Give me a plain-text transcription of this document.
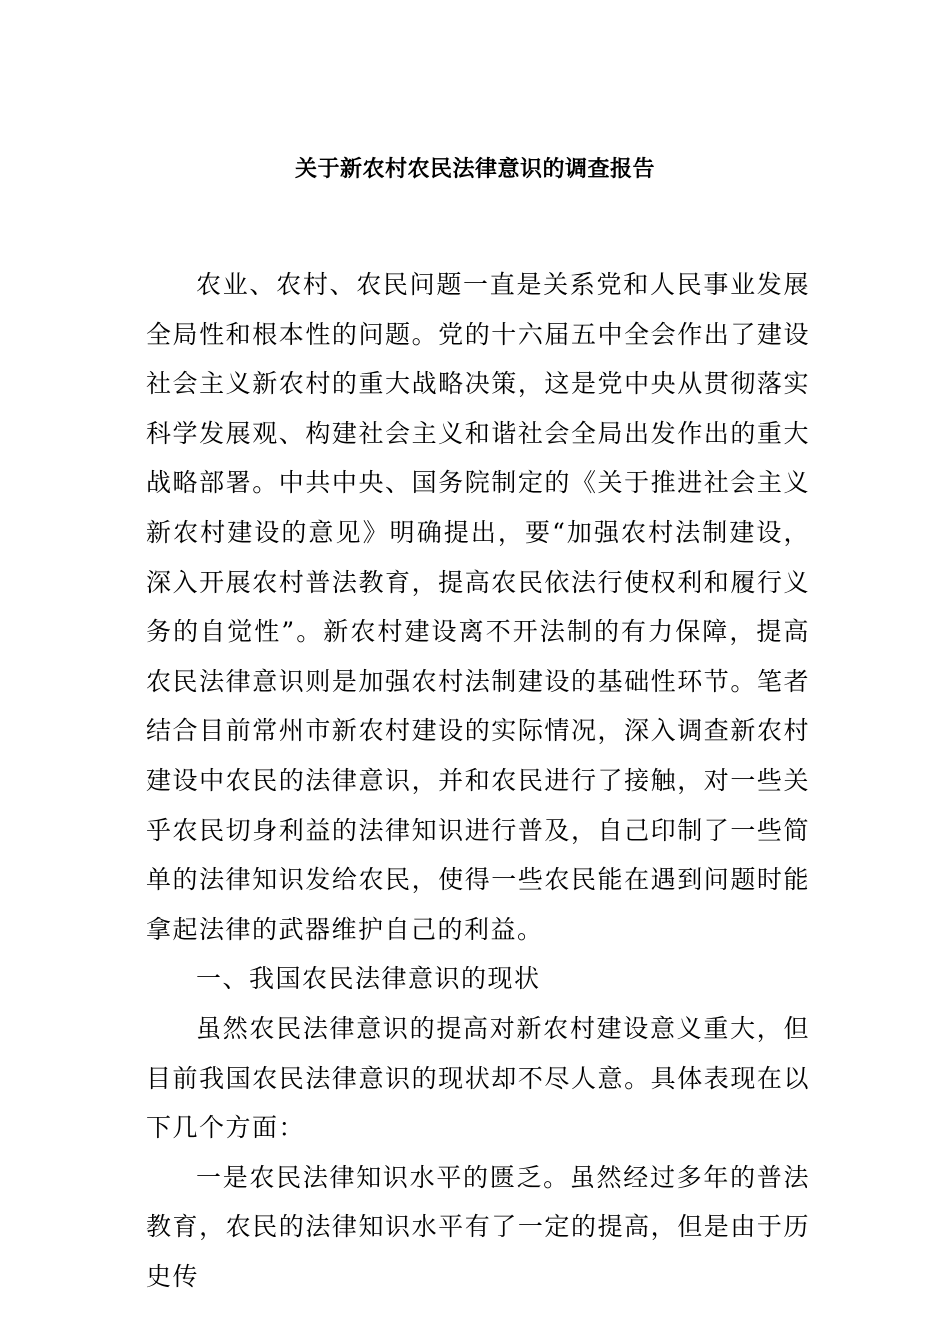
关于新农村农民法律意识的调查报告

农业、农村、农民问题一直是关系党和人民事业发展全局性和根本性的问题。党的十六届五中全会作出了建设社会主义新农村的重大战略决策，这是党中央从贯彻落实科学发展观、构建社会主义和谐社会全局出发作出的重大战略部署。中共中央、国务院制定的《关于推进社会主义新农村建设的意见》明确提出，要“加强农村法制建设，深入开展农村普法教育，提高农民依法行使权利和履行义务的自觉性”。新农村建设离不开法制的有力保障，提高农民法律意识则是加强农村法制建设的基础性环节。笔者结合目前常州市新农村建设的实际情况，深入调查新农村建设中农民的法律意识，并和农民进行了接触，对一些关乎农民切身利益的法律知识进行普及，自己印制了一些简单的法律知识发给农民，使得一些农民能在遇到问题时能拿起法律的武器维护自己的利益。

一、我国农民法律意识的现状

虽然农民法律意识的提高对新农村建设意义重大，但目前我国农民法律意识的现状却不尽人意。具体表现在以下几个方面：

一是农民法律知识水平的匮乏。虽然经过多年的普法教育，农民的法律知识水平有了一定的提高，但是由于历史传
